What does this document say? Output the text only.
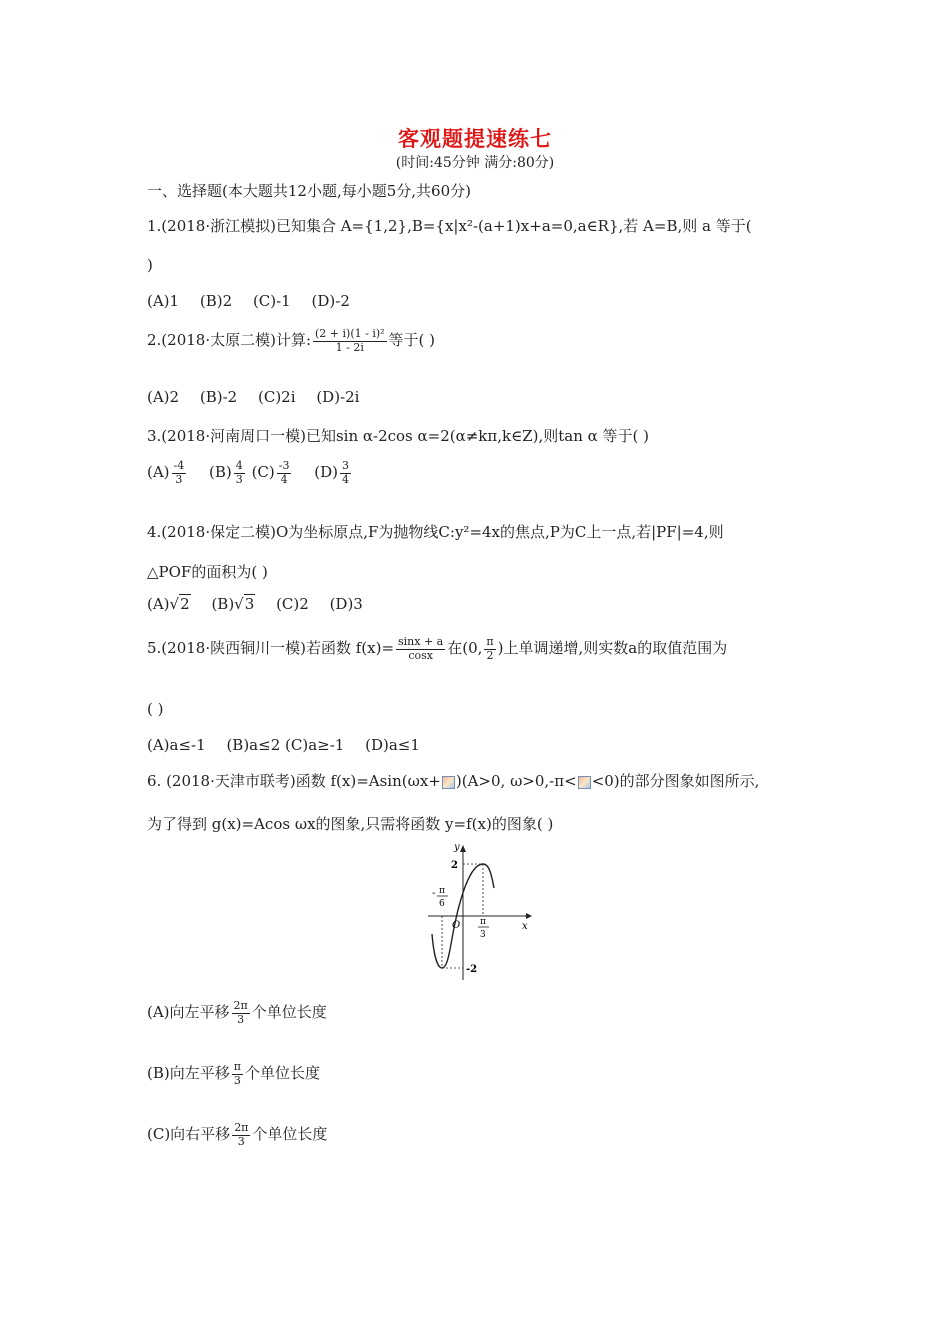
客观题提速练七
(时间:45分钟 满分:80分)
一、选择题(本大题共12小题,每小题5分,共60分)
1.(2018·浙江模拟)已知集合 A={1,2},B={x|x²-(a+1)x+a=0,a∈R},若 A=B,则 a 等于(
)
(A)1 (B)2 (C)-1 (D)-2
2.(2018·太原二模)计算: $\frac{\text{(2 + i)(1 - i)²}}{1 - 2i}$ 等于( )
(A)2 (B)-2 (C)2i (D)-2i
3.(2018·河南周口一模)已知sin α-2cos α=2(α≠kπ,k∈Z),则tan α 等于( )
$(A) \frac{-4}{3} (B) \frac{4}{3} (C) \frac{-3}{4} (D) \frac{3}{4}$
4.(2018·保定二模)O为坐标原点,F为抛物线C:y²=4x的焦点,P为C上一点,若|PF|=4,则
△POF的面积为( )
(A)√2 (B)√3 (C)2 (D)3
5.(2018·陕西铜川一模)若函数 $f(x)= \frac{\sin x + a}{\cos x}$ 在(0, $\frac{\pi}{2}$ )上单调递增,则实数a的取值范围为
( )
(A)a≤-1 (B)a≤2 (C)a≥-1 (D)a≤1
6. (2018·天津市联考)函数 f(x)=Asin(ωx+ )(A>0, ω>0,-π< <0)的部分图象如图所示,
为了得到 g(x)=Acos ωx的图象,只需将函数 y=f(x)的图象( )
y
x
O
2
-2
- π
6
π
3
(A)向左平移 $\frac{2\pi}{3}$ 个单位长度
(B)向左平移 $\frac{\pi}{3}$ 个单位长度
(C)向右平移 $\frac{2\pi}{3}$ 个单位长度
